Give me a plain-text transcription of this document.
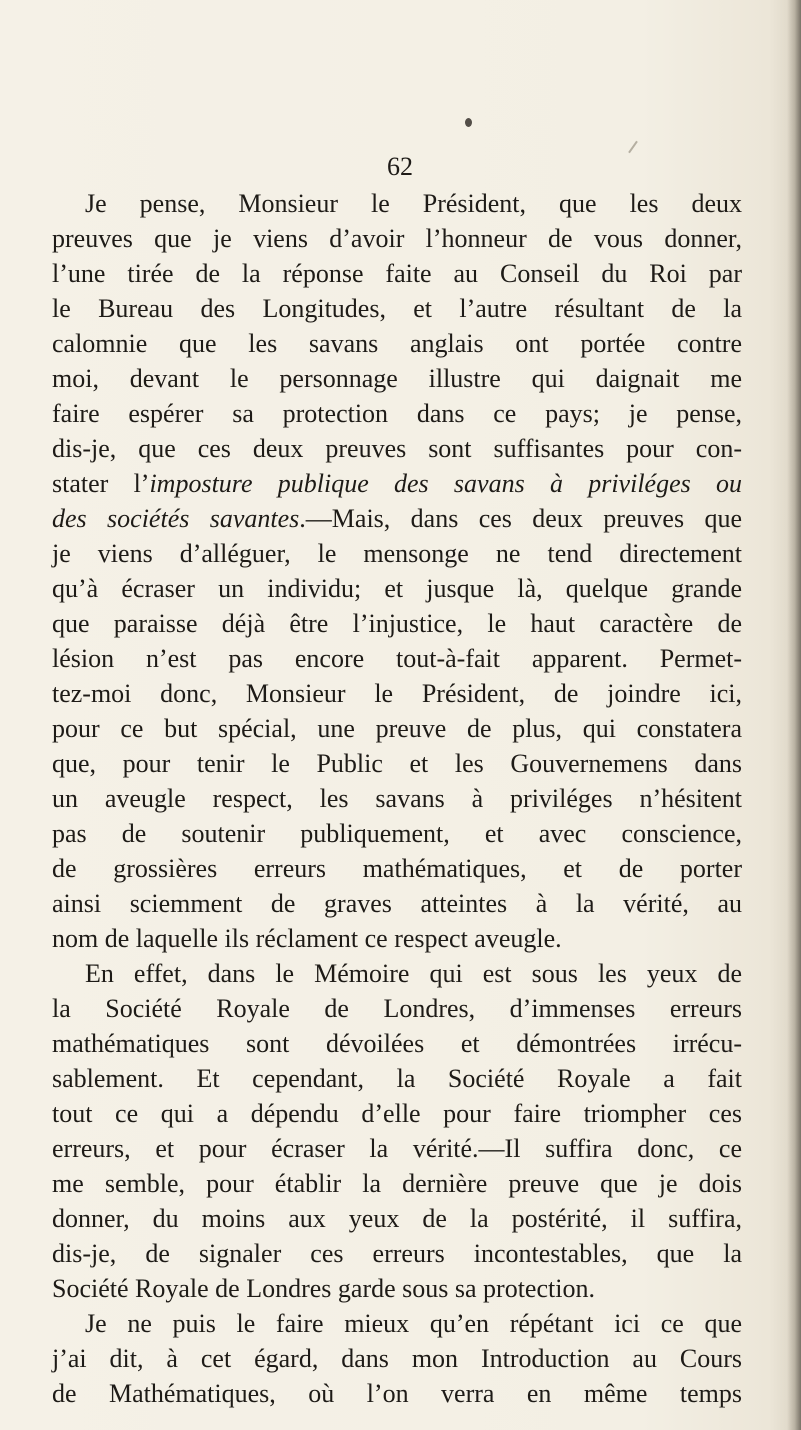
62
Je pense, Monsieur le Président, que les deux
preuves que je viens d’avoir l’honneur de vous donner,
l’une tirée de la réponse faite au Conseil du Roi par
le Bureau des Longitudes, et l’autre résultant de la
calomnie que les savans anglais ont portée contre
moi, devant le personnage illustre qui daignait me
faire espérer sa protection dans ce pays; je pense,
dis-je, que ces deux preuves sont suffisantes pour con-
stater l’imposture publique des savans à priviléges ou
des sociétés savantes.—Mais, dans ces deux preuves que
je viens d’alléguer, le mensonge ne tend directement
qu’à écraser un individu; et jusque là, quelque grande
que paraisse déjà être l’injustice, le haut caractère de
lésion n’est pas encore tout-à-fait apparent. Permet-
tez-moi donc, Monsieur le Président, de joindre ici,
pour ce but spécial, une preuve de plus, qui constatera
que, pour tenir le Public et les Gouvernemens dans
un aveugle respect, les savans à priviléges n’hésitent
pas de soutenir publiquement, et avec conscience,
de grossières erreurs mathématiques, et de porter
ainsi sciemment de graves atteintes à la vérité, au
nom de laquelle ils réclament ce respect aveugle.
En effet, dans le Mémoire qui est sous les yeux de
la Société Royale de Londres, d’immenses erreurs
mathématiques sont dévoilées et démontrées irrécu-
sablement. Et cependant, la Société Royale a fait
tout ce qui a dépendu d’elle pour faire triompher ces
erreurs, et pour écraser la vérité.—Il suffira donc, ce
me semble, pour établir la dernière preuve que je dois
donner, du moins aux yeux de la postérité, il suffira,
dis-je, de signaler ces erreurs incontestables, que la
Société Royale de Londres garde sous sa protection.
Je ne puis le faire mieux qu’en répétant ici ce que
j’ai dit, à cet égard, dans mon Introduction au Cours
de Mathématiques, où l’on verra en même temps
